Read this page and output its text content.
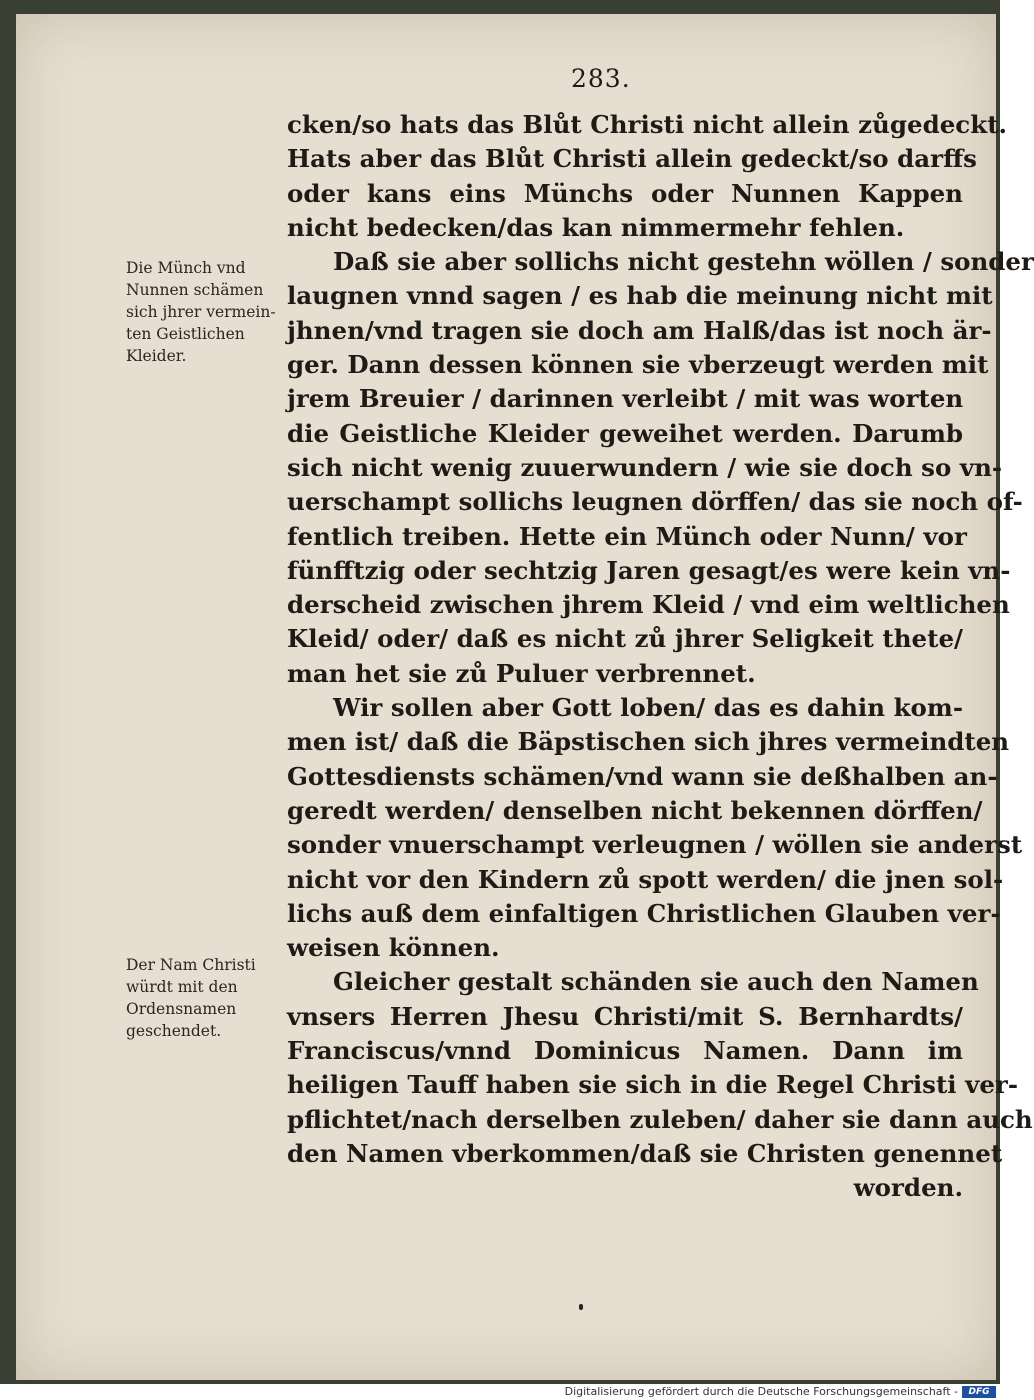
283.
Die Münch vnd
Nunnen schämen
sich jhrer vermein-
ten Geistlichen
Kleider.
Der Nam Christi
würdt mit den
Ordensnamen
geschendet.
cken/so hats das Blůt Christi nicht allein zůgedeckt.
Hats aber das Blůt Christi allein gedeckt/so darffs
oder kans eins Münchs oder Nunnen Kappen
nicht bedecken/das kan nimmermehr fehlen.
Daß sie aber sollichs nicht gestehn wöllen / sonder
laugnen vnnd sagen / es hab die meinung nicht mit
jhnen/vnd tragen sie doch am Halß/das ist noch är-
ger. Dann dessen können sie vberzeugt werden mit
jrem Breuier / darinnen verleibt / mit was worten
die Geistliche Kleider geweihet werden. Darumb
sich nicht wenig zuuerwundern / wie sie doch so vn-
uerschampt sollichs leugnen dörffen/ das sie noch of-
fentlich treiben. Hette ein Münch oder Nunn/ vor
fünfftzig oder sechtzig Jaren gesagt/es were kein vn-
derscheid zwischen jhrem Kleid / vnd eim weltlichen
Kleid/ oder/ daß es nicht zů jhrer Seligkeit thete/
man het sie zů Puluer verbrennet.
Wir sollen aber Gott loben/ das es dahin kom-
men ist/ daß die Bäpstischen sich jhres vermeindten
Gottesdiensts schämen/vnd wann sie deßhalben an-
geredt werden/ denselben nicht bekennen dörffen/
sonder vnuerschampt verleugnen / wöllen sie anderst
nicht vor den Kindern zů spott werden/ die jnen sol-
lichs auß dem einfaltigen Christlichen Glauben ver-
weisen können.
Gleicher gestalt schänden sie auch den Namen
vnsers Herren Jhesu Christi/mit S. Bernhardts/
Franciscus/vnnd Dominicus Namen. Dann im
heiligen Tauff haben sie sich in die Regel Christi ver-
pflichtet/nach derselben zuleben/ daher sie dann auch
den Namen vberkommen/daß sie Christen genennet
worden.
Digitalisierung gefördert durch die Deutsche Forschungsgemeinschaft -	DFG
